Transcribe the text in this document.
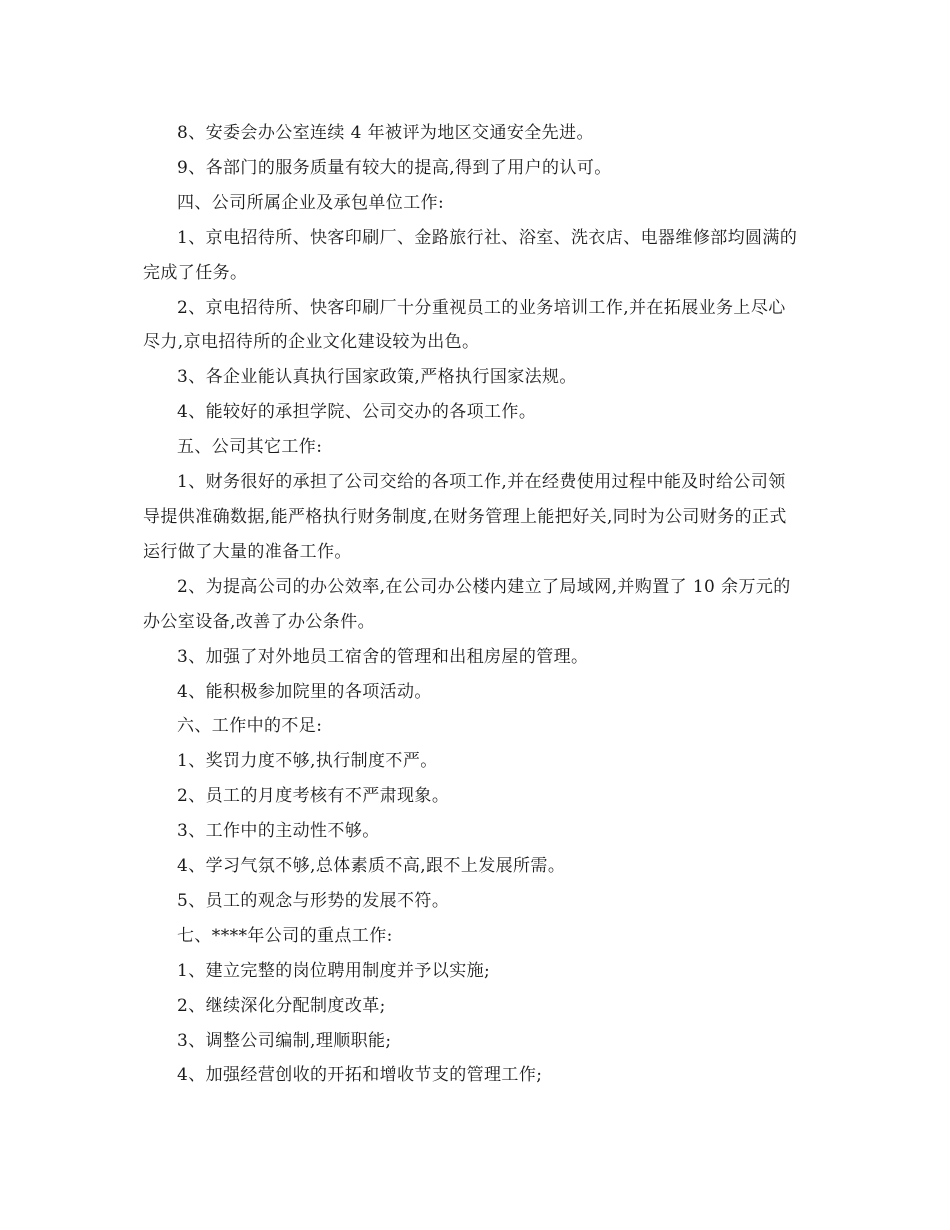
8、安委会办公室连续 4 年被评为地区交通安全先进。

9、各部门的服务质量有较大的提高,得到了用户的认可。

四、公司所属企业及承包单位工作:

1、京电招待所、快客印刷厂、金路旅行社、浴室、洗衣店、电器维修部均圆满的完成了任务。

2、京电招待所、快客印刷厂十分重视员工的业务培训工作,并在拓展业务上尽心尽力,京电招待所的企业文化建设较为出色。

3、各企业能认真执行国家政策,严格执行国家法规。

4、能较好的承担学院、公司交办的各项工作。

五、公司其它工作:

1、财务很好的承担了公司交给的各项工作,并在经费使用过程中能及时给公司领导提供准确数据,能严格执行财务制度,在财务管理上能把好关,同时为公司财务的正式运行做了大量的准备工作。

2、为提高公司的办公效率,在公司办公楼内建立了局域网,并购置了 10 余万元的办公室设备,改善了办公条件。

3、加强了对外地员工宿舍的管理和出租房屋的管理。

4、能积极参加院里的各项活动。

六、工作中的不足:

1、奖罚力度不够,执行制度不严。

2、员工的月度考核有不严肃现象。

3、工作中的主动性不够。

4、学习气氛不够,总体素质不高,跟不上发展所需。

5、员工的观念与形势的发展不符。

七、****年公司的重点工作:

1、建立完整的岗位聘用制度并予以实施;

2、继续深化分配制度改革;

3、调整公司编制,理顺职能;

4、加强经营创收的开拓和增收节支的管理工作;
